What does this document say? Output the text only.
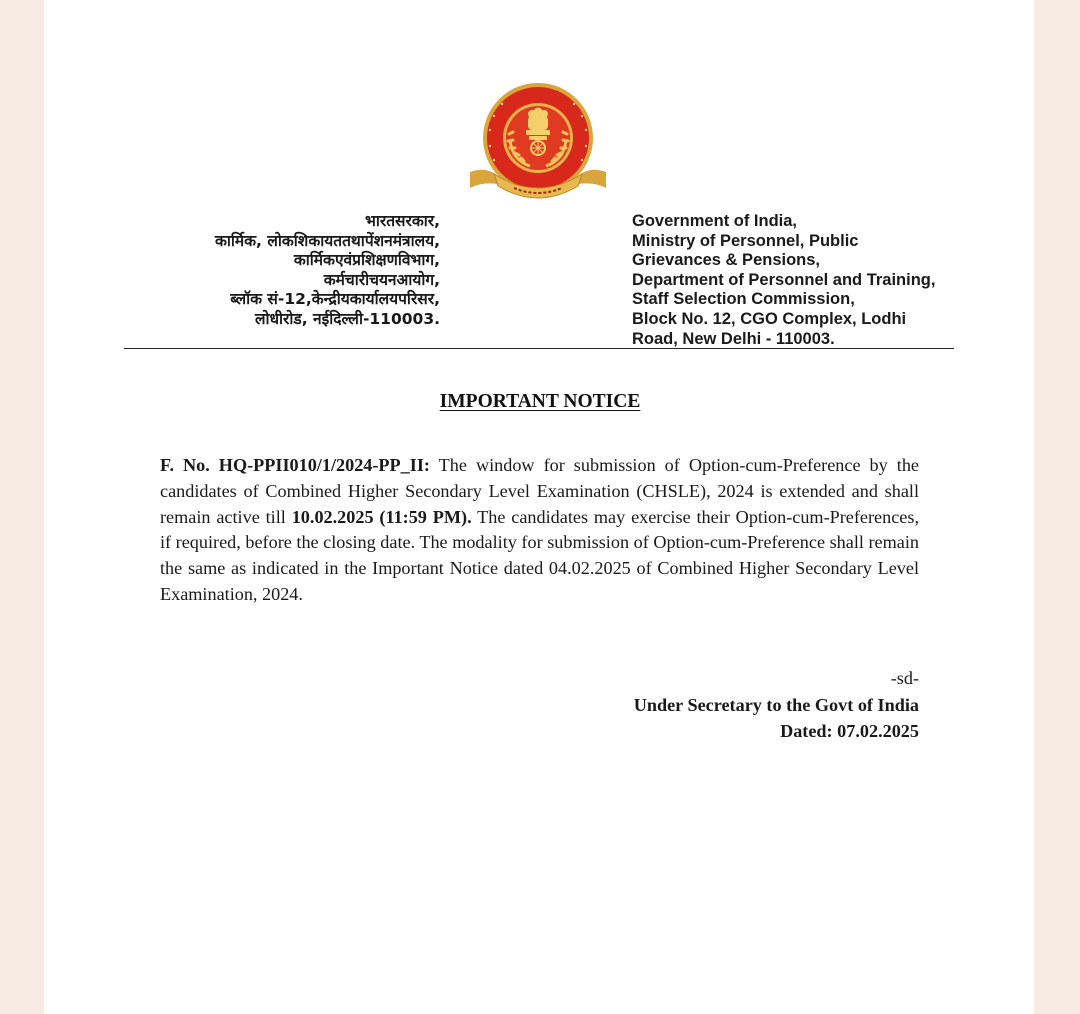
भारतसरकार,
कार्मिक, लोकशिकायततथापेंशनमंत्रालय,
कार्मिकएवंप्रशिक्षणविभाग,
कर्मचारीचयनआयोग,
ब्लॉक सं-12,केन्द्रीयकार्यालयपरिसर,
लोधीरोड, नईदिल्ली-110003.
Government of India,
Ministry of Personnel, Public
Grievances & Pensions,
Department of Personnel and Training,
Staff Selection Commission,
Block No. 12, CGO Complex, Lodhi
Road, New Delhi - 110003.
IMPORTANT NOTICE
F. No. HQ-PPII010/1/2024-PP_II: The window for submission of Option-cum-Preference by the candidates of Combined Higher Secondary Level Examination (CHSLE), 2024 is extended and shall remain active till 10.02.2025 (11:59 PM). The candidates may exercise their Option-cum-Preferences, if required, before the closing date. The modality for submission of Option-cum-Preference shall remain the same as indicated in the Important Notice dated 04.02.2025 of Combined Higher Secondary Level Examination, 2024.
-sd-
Under Secretary to the Govt of India
Dated: 07.02.2025
